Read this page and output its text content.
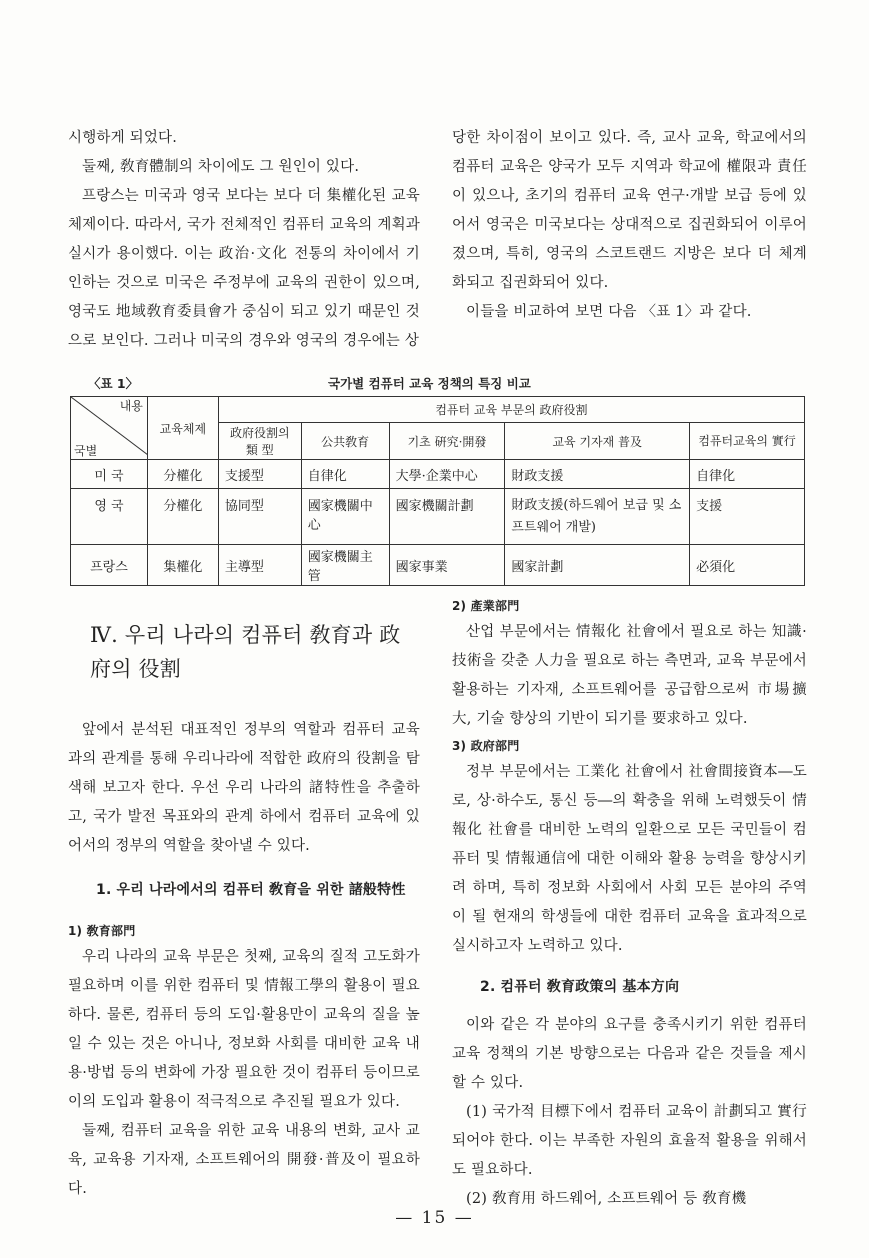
시행하게 되었다.

둘째, 敎育體制의 차이에도 그 원인이 있다.

프랑스는 미국과 영국 보다는 보다 더 集權化된 교육 체제이다. 따라서, 국가 전체적인 컴퓨터 교육의 계획과 실시가 용이했다. 이는 政治·文化 전통의 차이에서 기인하는 것으로 미국은 주정부에 교육의 권한이 있으며, 영국도 地域敎育委員會가 중심이 되고 있기 때문인 것으로 보인다. 그러나 미국의 경우와 영국의 경우에는 상

당한 차이점이 보이고 있다. 즉, 교사 교육, 학교에서의 컴퓨터 교육은 양국가 모두 지역과 학교에 權限과 責任이 있으나, 초기의 컴퓨터 교육 연구·개발 보급 등에 있어서 영국은 미국보다는 상대적으로 집권화되어 이루어 졌으며, 특히, 영국의 스코트랜드 지방은 보다 더 체계화되고 집권화되어 있다.

이들을 비교하여 보면 다음 〈표 1〉과 같다.

〈표 1〉	국가별 컴퓨터 교육 정책의 특징 비교
내용
국별	교육체제	컴퓨터 교육 부문의 政府役割				
		政府役割의 類 型	公共敎育	기초 硏究·開發	교육 기자재 普及	컴퓨터교육의 實行
미 국	分權化	支援型	自律化	大學·企業中心	財政支援	自律化
영 국	分權化	協同型	國家機關中心	國家機關計劃	財政支援(하드웨어 보급 및 소프트웨어 개발)	支援
프랑스	集權化	主導型	國家機關主管	國家事業	國家計劃	必須化

Ⅳ. 우리 나라의 컴퓨터 敎育과 政府의 役割

앞에서 분석된 대표적인 정부의 역할과 컴퓨터 교육과의 관계를 통해 우리나라에 적합한 政府의 役割을 탐색해 보고자 한다. 우선 우리 나라의 諸特性을 추출하고, 국가 발전 목표와의 관계 하에서 컴퓨터 교육에 있어서의 정부의 역할을 찾아낼 수 있다.

1. 우리 나라에서의 컴퓨터 敎育을 위한 諸般特性

1) 敎育部門

우리 나라의 교육 부문은 첫째, 교육의 질적 고도화가 필요하며 이를 위한 컴퓨터 및 情報工學의 활용이 필요하다. 물론, 컴퓨터 등의 도입·활용만이 교육의 질을 높일 수 있는 것은 아니나, 정보화 사회를 대비한 교육 내용·방법 등의 변화에 가장 필요한 것이 컴퓨터 등이므로 이의 도입과 활용이 적극적으로 추진될 필요가 있다.

둘째, 컴퓨터 교육을 위한 교육 내용의 변화, 교사 교육, 교육용 기자재, 소프트웨어의 開發·普及이 필요하다.

2) 產業部門

산업 부문에서는 情報化 社會에서 필요로 하는 知識·技術을 갖춘 人力을 필요로 하는 측면과, 교육 부문에서 활용하는 기자재, 소프트웨어를 공급함으로써 市場擴大, 기술 향상의 기반이 되기를 要求하고 있다.

3) 政府部門

정부 부문에서는 工業化 社會에서 社會間接資本―도로, 상·하수도, 통신 등―의 확충을 위해 노력했듯이 情報化 社會를 대비한 노력의 일환으로 모든 국민들이 컴퓨터 및 情報通信에 대한 이해와 활용 능력을 향상시키려 하며, 특히 정보화 사회에서 사회 모든 분야의 주역이 될 현재의 학생들에 대한 컴퓨터 교육을 효과적으로 실시하고자 노력하고 있다.

2. 컴퓨터 敎育政策의 基本方向

이와 같은 각 분야의 요구를 충족시키기 위한 컴퓨터 교육 정책의 기본 방향으로는 다음과 같은 것들을 제시할 수 있다.

(1) 국가적 目標下에서 컴퓨터 교육이 計劃되고 實行되어야 한다. 이는 부족한 자원의 효율적 활용을 위해서도 필요하다.

(2) 敎育用 하드웨어, 소프트웨어 등 敎育機

— 15 —
